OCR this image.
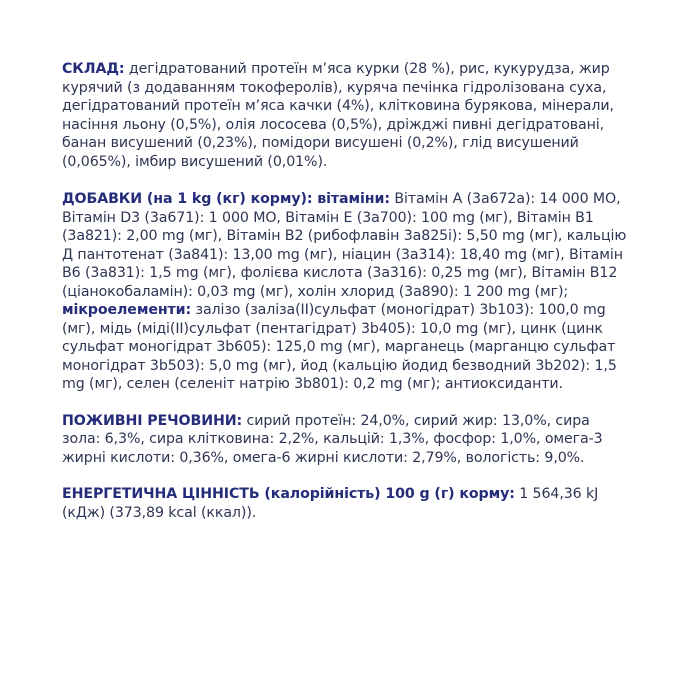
СКЛАД: дегідратований протеїн м’яса курки (28 %), рис, кукурудза, жир курячий (з додаванням токоферолів), куряча печінка гідролізована суха, дегідратований протеїн м’яса качки (4%), клітковина бурякова, мінерали, насіння льону (0,5%), олія лососева (0,5%), дріжджі пивні дегідратовані, банан висушений (0,23%), помідори висушені (0,2%), глід висушений (0,065%), імбир висушений (0,01%).

ДОБАВКИ (на 1 kg (кг) корму): вітаміни: Вітамін A (3a672a): 14 000 МО, Вітамін D3 (3a671): 1 000 МО, Вітамін E (3a700): 100 mg (мг), Вітамін B1 (3a821): 2,00 mg (мг), Вітамін B2 (рибофлавін 3a825i): 5,50 mg (мг), кальцію Д пантотенат (3a841): 13,00 mg (мг), ніацин (3a314): 18,40 mg (мг), Вітамін B6 (3a831): 1,5 mg (мг), фолієва кислота (3a316): 0,25 mg (мг), Вітамін B12 (ціанокобаламін): 0,03 mg (мг), холін хлорид (3a890): 1 200 mg (мг); мікроелементи: залізо (заліза(II)сульфат (моногідрат) 3b103): 100,0 mg (мг), мідь (міді(II)сульфат (пентагідрат) 3b405): 10,0 mg (мг), цинк (цинк сульфат моногідрат 3b605): 125,0 mg (мг), марганець (марганцю сульфат моногідрат 3b503): 5,0 mg (мг), йод (кальцію йодид безводний 3b202): 1,5 mg (мг), селен (селеніт натрію 3b801): 0,2 mg (мг); антиоксиданти.

ПОЖИВНІ РЕЧОВИНИ: сирий протеїн: 24,0%, сирий жир: 13,0%, сира зола: 6,3%, сира клітковина: 2,2%, кальцій: 1,3%, фосфор: 1,0%, омега-3 жирні кислоти: 0,36%, омега-6 жирні кислоти: 2,79%, вологість: 9,0%.

ЕНЕРГЕТИЧНА ЦІННІСТЬ (калорійність) 100 g (г) корму: 1 564,36 kJ (кДж) (373,89 kcal (ккал)).
